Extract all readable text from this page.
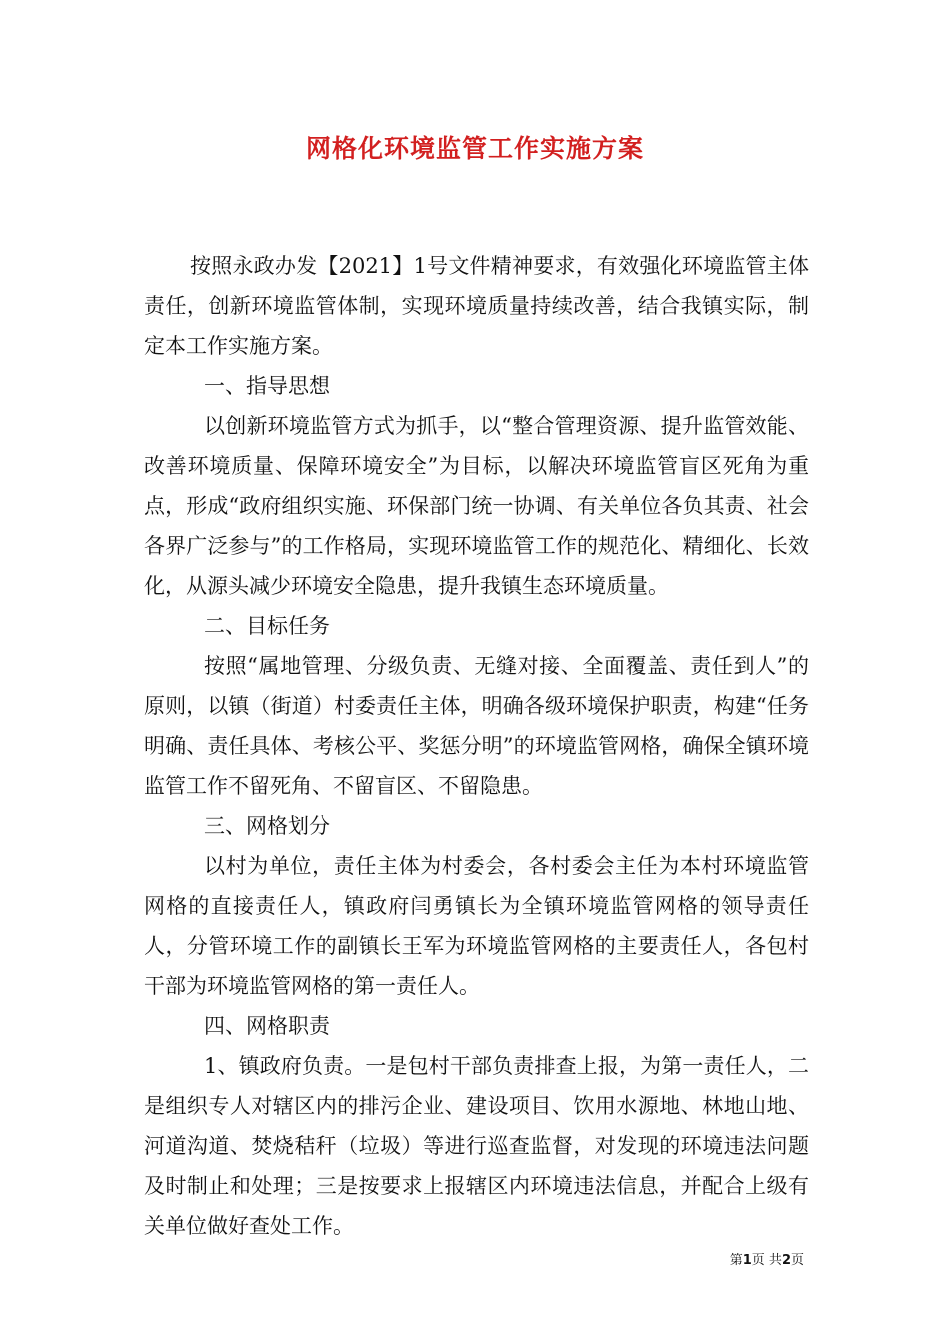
网格化环境监管工作实施方案

按照永政办发【2021】1号文件精神要求，有效强化环境监管主体责任，创新环境监管体制，实现环境质量持续改善，结合我镇实际，制定本工作实施方案。

一、指导思想

以创新环境监管方式为抓手，以“整合管理资源、提升监管效能、改善环境质量、保障环境安全”为目标，以解决环境监管盲区死角为重点，形成“政府组织实施、环保部门统一协调、有关单位各负其责、社会各界广泛参与”的工作格局，实现环境监管工作的规范化、精细化、长效化，从源头减少环境安全隐患，提升我镇生态环境质量。

二、目标任务

按照“属地管理、分级负责、无缝对接、全面覆盖、责任到人”的原则，以镇（街道）村委责任主体，明确各级环境保护职责，构建“任务明确、责任具体、考核公平、奖惩分明”的环境监管网格，确保全镇环境监管工作不留死角、不留盲区、不留隐患。

三、网格划分

以村为单位，责任主体为村委会，各村委会主任为本村环境监管网格的直接责任人，镇政府闫勇镇长为全镇环境监管网格的领导责任人，分管环境工作的副镇长王军为环境监管网格的主要责任人，各包村干部为环境监管网格的第一责任人。

四、网格职责

1、镇政府负责。一是包村干部负责排查上报，为第一责任人，二是组织专人对辖区内的排污企业、建设项目、饮用水源地、林地山地、河道沟道、焚烧秸秆（垃圾）等进行巡查监督，对发现的环境违法问题及时制止和处理；三是按要求上报辖区内环境违法信息，并配合上级有关单位做好查处工作。

第1页 共2页
